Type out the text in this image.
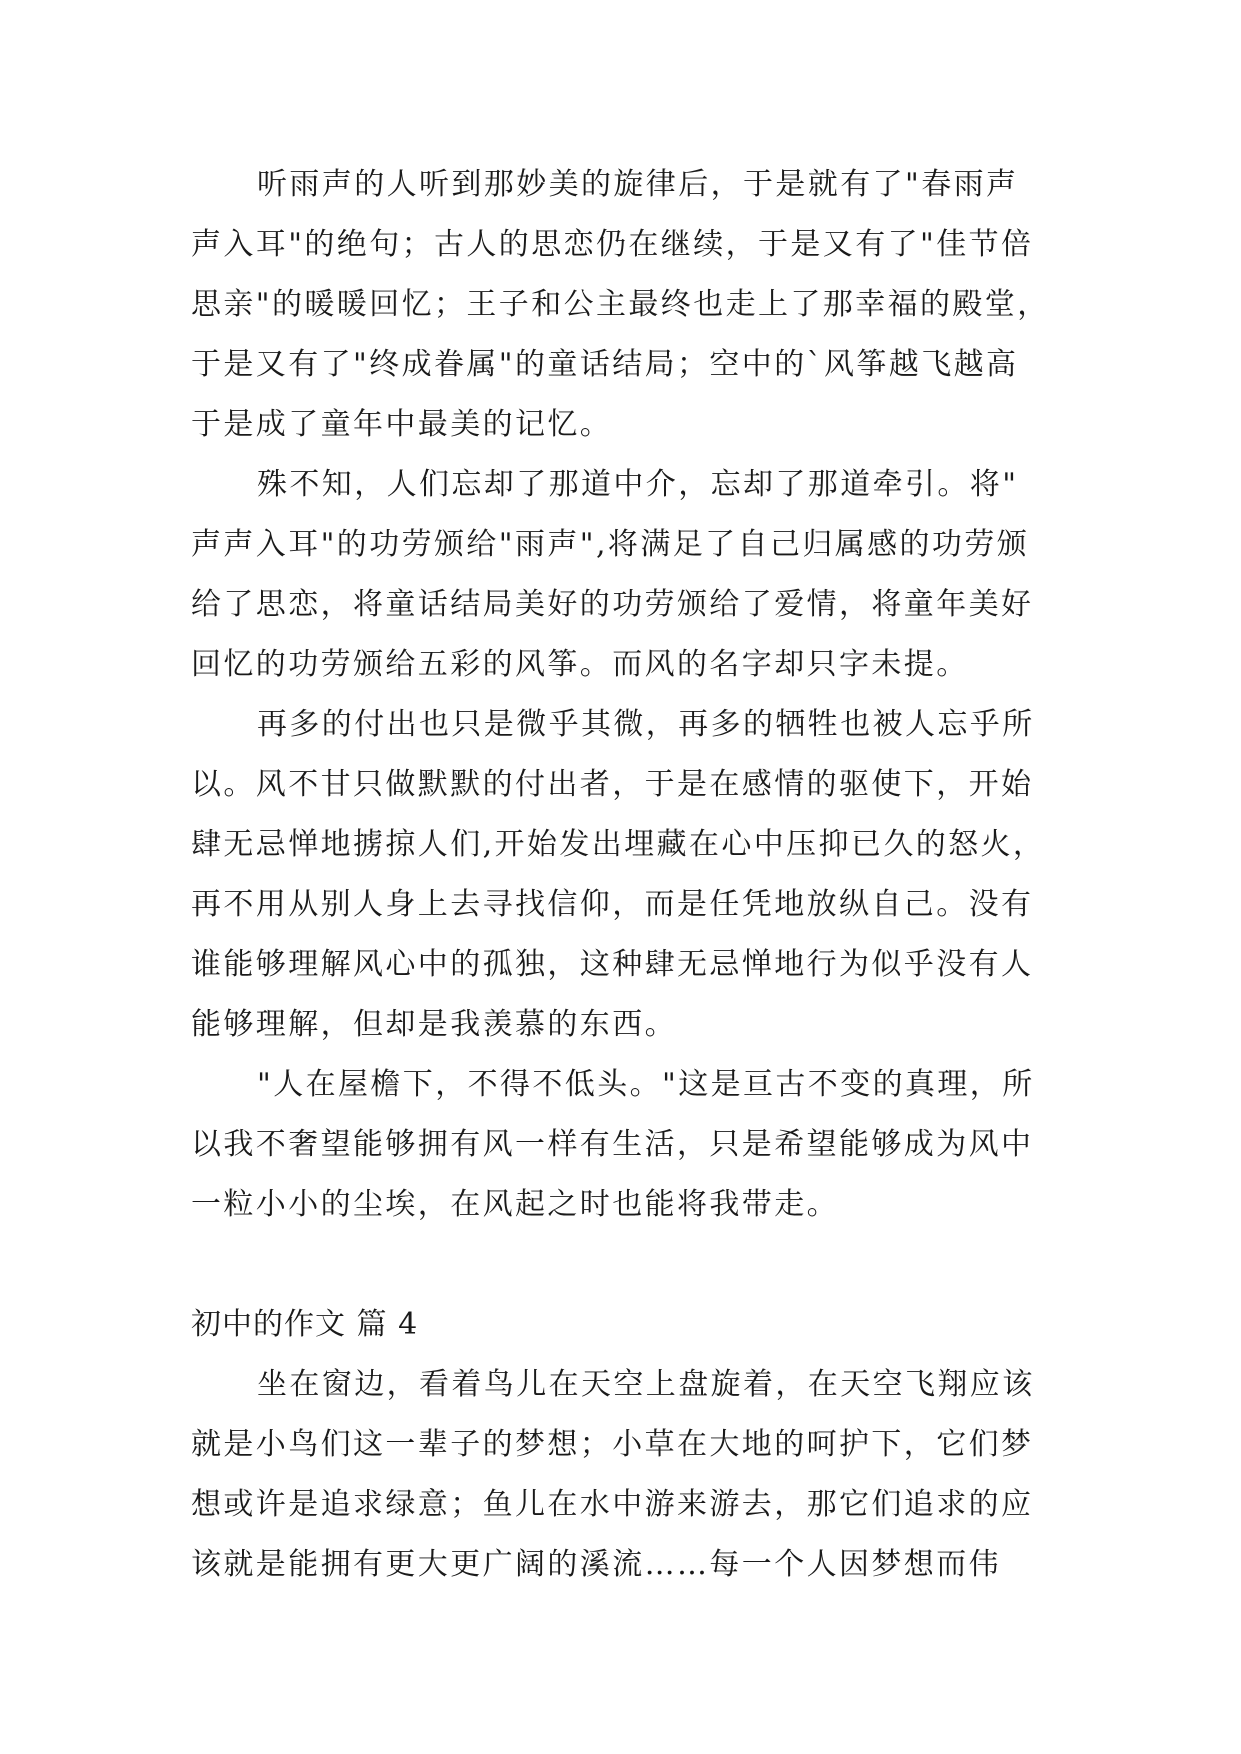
听雨声的人听到那妙美的旋律后，于是就有了"春雨声
声入耳"的绝句；古人的思恋仍在继续，于是又有了"佳节倍
思亲"的暖暖回忆；王子和公主最终也走上了那幸福的殿堂，
于是又有了"终成眷属"的童话结局；空中的`风筝越飞越高
于是成了童年中最美的记忆。
殊不知，人们忘却了那道中介，忘却了那道牵引。将"
声声入耳"的功劳颁给"雨声",将满足了自己归属感的功劳颁
给了思恋，将童话结局美好的功劳颁给了爱情，将童年美好
回忆的功劳颁给五彩的风筝。而风的名字却只字未提。
再多的付出也只是微乎其微，再多的牺牲也被人忘乎所
以。风不甘只做默默的付出者，于是在感情的驱使下，开始
肆无忌惮地掳掠人们,开始发出埋藏在心中压抑已久的怒火，
再不用从别人身上去寻找信仰，而是任凭地放纵自己。没有
谁能够理解风心中的孤独，这种肆无忌惮地行为似乎没有人
能够理解，但却是我羡慕的东西。
"人在屋檐下，不得不低头。"这是亘古不变的真理，所
以我不奢望能够拥有风一样有生活，只是希望能够成为风中
一粒小小的尘埃，在风起之时也能将我带走。
初中的作文 篇 4
坐在窗边，看着鸟儿在天空上盘旋着，在天空飞翔应该
就是小鸟们这一辈子的梦想；小草在大地的呵护下，它们梦
想或许是追求绿意；鱼儿在水中游来游去，那它们追求的应
该就是能拥有更大更广阔的溪流……每一个人因梦想而伟
